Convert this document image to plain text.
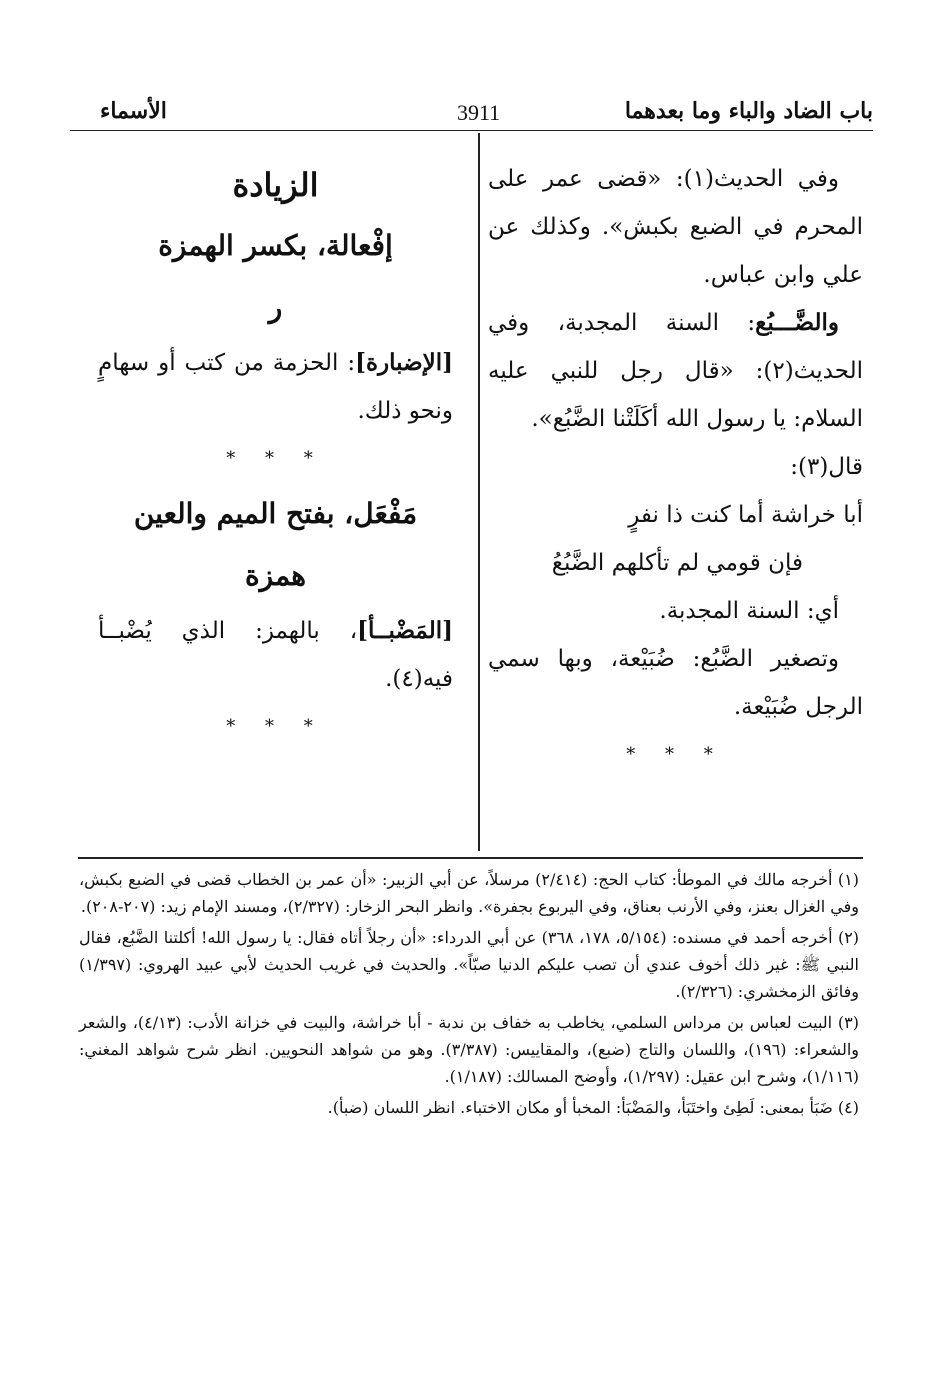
باب الضاد والباء وما بعدهما
3911
الأسماء

وفي الحديث(١): «قضى عمر على المحرم في الضبع بكبش». وكذلك عن علي وابن عباس.

والضَّـــبُع: السنة المجدبة، وفي الحديث(٢): «قال رجل للنبي عليه السلام: يا رسول الله أكَلَتْنا الضَّبُع».

قال(٣):

أبا خراشة أما كنت ذا نفرٍ

فإن قومي لم تأكلهم الضَّبُعُ

أي: السنة المجدبة.

وتصغير الضَّبُع: ضُبَيْعة، وبها سمي الرجل ضُبَيْعة.

* * *

الزيادة

إفْعالة، بكسر الهمزة

ر

[الإضبارة]: الحزمة من كتب أو سهامٍ ونحو ذلك.

* * *

مَفْعَل، بفتح الميم والعين

همزة

[المَضْبــأ]، بالهمز: الذي يُضْبــأ فيه(٤).

* * *

(١) أخرجه مالك في الموطأ: كتاب الحج: (٢/٤١٤) مرسلاً، عن أبي الزبير: «أن عمر بن الخطاب قضى في الضبع بكبش، وفي الغزال بعنز، وفي الأرنب بعناق، وفي اليربوع بجفرة». وانظر البحر الزخار: (٢/٣٢٧)، ومسند الإمام زيد: (٢٠٧-٢٠٨).

(٢) أخرجه أحمد في مسنده: (٥/١٥٤، ١٧٨، ٣٦٨) عن أبي الدرداء: «أن رجلاً أتاه فقال: يا رسول الله! أكلتنا الضَّبُع، فقال النبي ﷺ: غير ذلك أخوف عندي أن تصب عليكم الدنيا صبّاً». والحديث في غريب الحديث لأبي عبيد الهروي: (١/٣٩٧) وفائق الزمخشري: (٢/٣٢٦).

(٣) البيت لعباس بن مرداس السلمي، يخاطب به خفاف بن ندبة - أبا خراشة، والبيت في خزانة الأدب: (٤/١٣)، والشعر والشعراء: (١٩٦)، واللسان والتاج (ضبع)، والمقاييس: (٣/٣٨٧). وهو من شواهد النحويين. انظر شرح شواهد المغني: (١/١١٦)، وشرح ابن عقيل: (١/٢٩٧)، وأوضح المسالك: (١/١٨٧).

(٤) ضَبَأ بمعنى: لَطِئ واختَبَأ، والمَضْبَأ: المخبأ أو مكان الاختباء. انظر اللسان (ضبأ).
